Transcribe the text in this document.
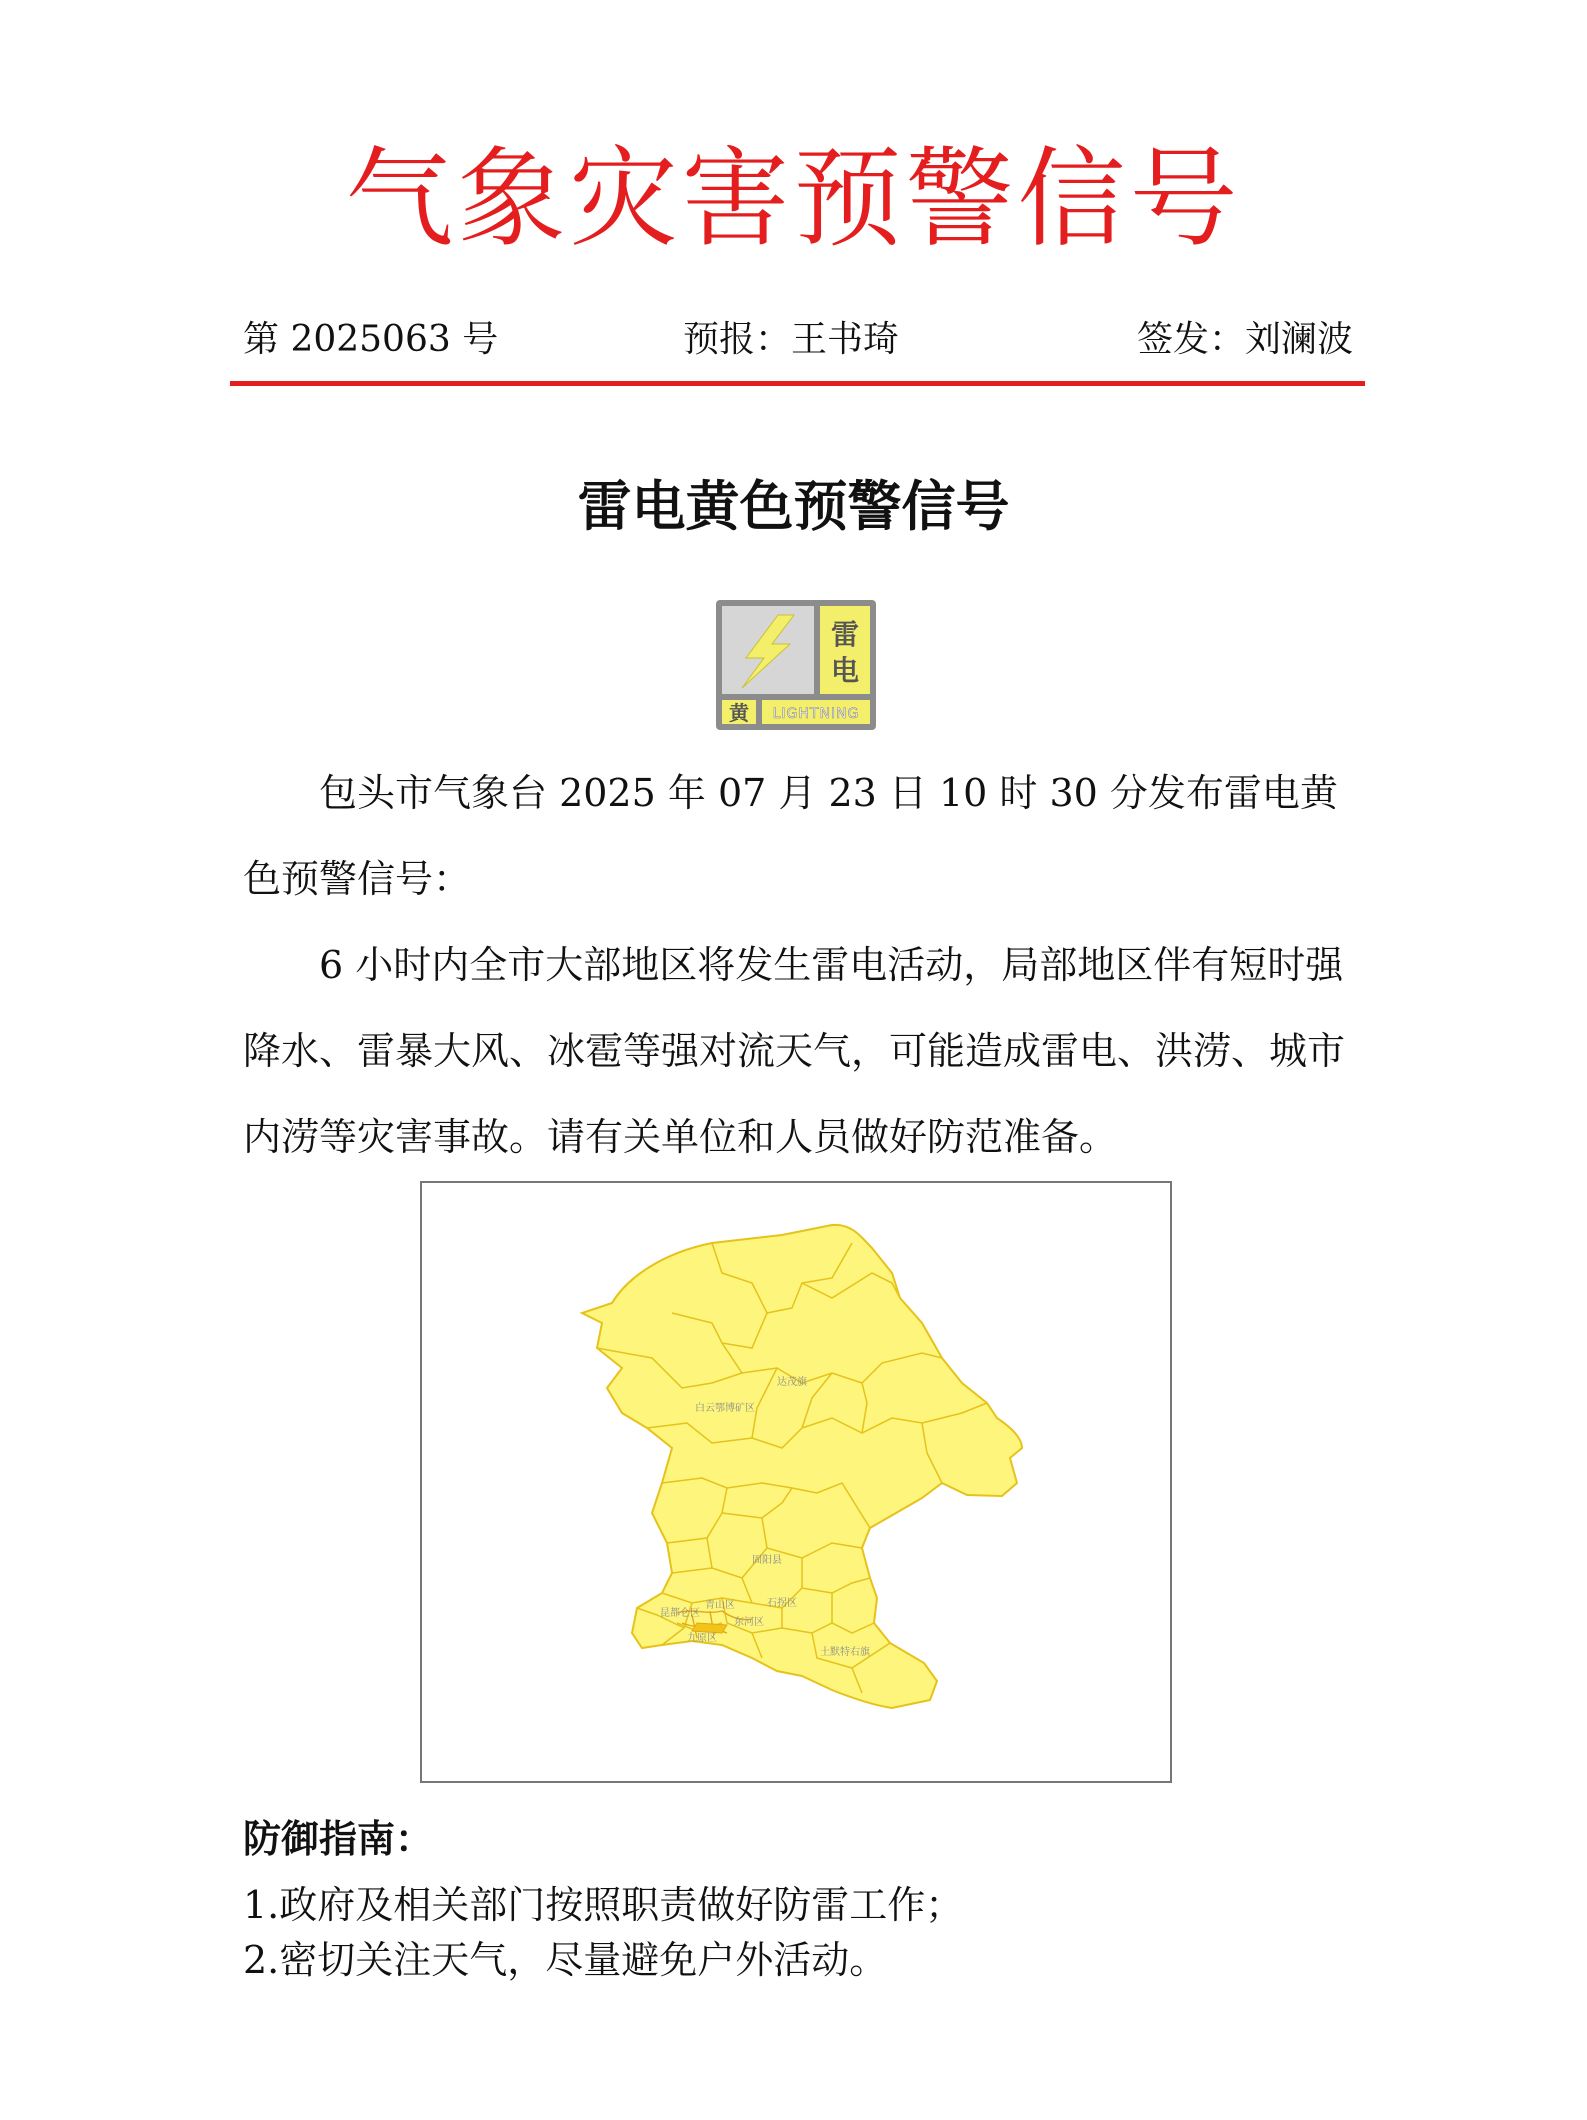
气象灾害预警信号
第 2025063 号	预报：王书琦	签发：刘澜波
雷电黄色预警信号
雷
电
黄 LIGHTNING

包头市气象台 2025 年 07 月 23 日 10 时 30 分发布雷电黄色预警信号：

6 小时内全市大部地区将发生雷电活动，局部地区伴有短时强降水、雷暴大风、冰雹等强对流天气，可能造成雷电、洪涝、城市内涝等灾害事故。请有关单位和人员做好防范准备。

达茂旗
白云鄂博矿区
固阳县
石拐区
东河区
青山区
昆都仑区
九原区
土默特右旗
防御指南：
1.政府及相关部门按照职责做好防雷工作；
2.密切关注天气，尽量避免户外活动。
